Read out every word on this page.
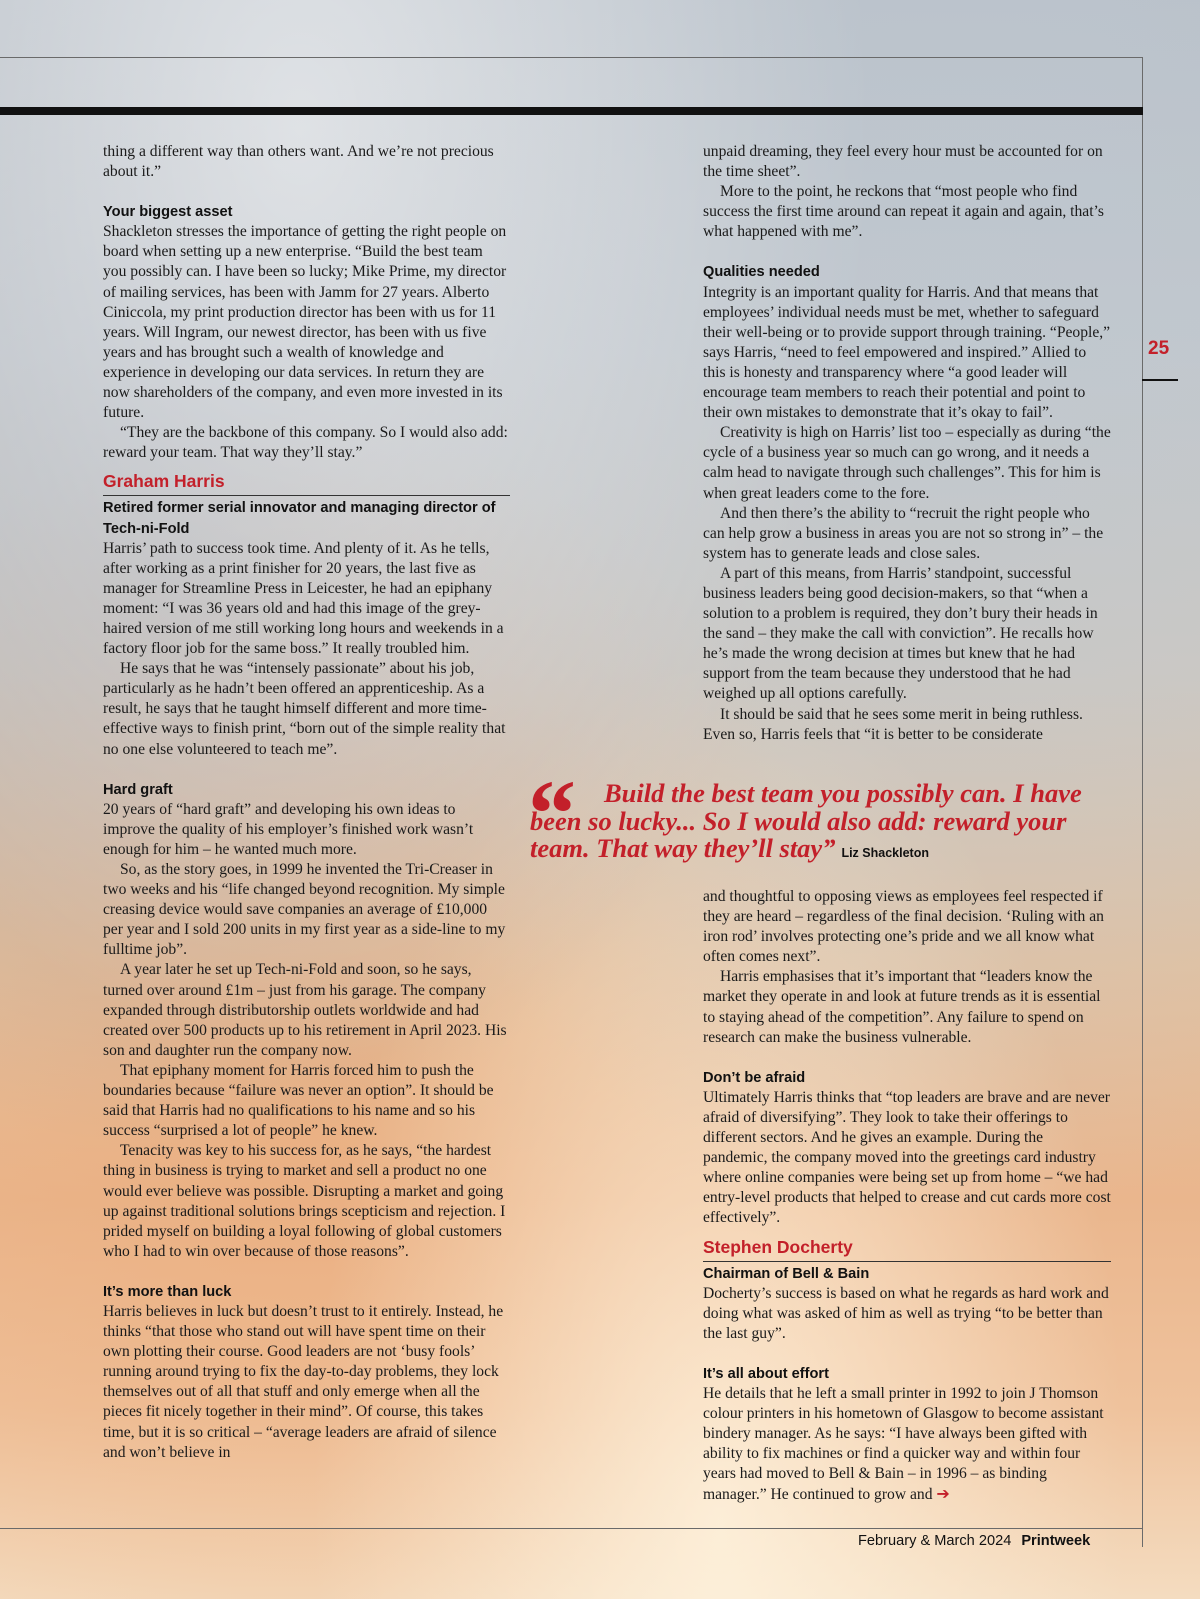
25

thing a different way than others want. And we’re not precious about it.”

Your biggest asset

Shackleton stresses the importance of getting the right people on board when setting up a new enterprise. “Build the best team you possibly can. I have been so lucky; Mike Prime, my director of mailing services, has been with Jamm for 27 years. Alberto Ciniccola, my print production director has been with us for 11 years. Will Ingram, our newest director, has been with us five years and has brought such a wealth of knowledge and experience in developing our data services. In return they are now shareholders of the company, and even more invested in its future.

“They are the backbone of this company. So I would also add: reward your team. That way they’ll stay.”

Graham Harris
Retired former serial innovator and managing director of Tech-ni-Fold

Harris’ path to success took time. And plenty of it. As he tells, after working as a print finisher for 20 years, the last five as manager for Streamline Press in Leicester, he had an epiphany moment: “I was 36 years old and had this image of the grey-haired version of me still working long hours and weekends in a factory floor job for the same boss.” It really troubled him.

He says that he was “intensely passionate” about his job, particularly as he hadn’t been offered an apprenticeship. As a result, he says that he taught himself different and more time-effective ways to finish print, “born out of the simple reality that no one else volunteered to teach me”.

Hard graft

20 years of “hard graft” and developing his own ideas to improve the quality of his employer’s finished work wasn’t enough for him – he wanted much more.

So, as the story goes, in 1999 he invented the Tri-Creaser in two weeks and his “life changed beyond recognition. My simple creasing device would save companies an average of £10,000 per year and I sold 200 units in my first year as a side-line to my fulltime job”.

A year later he set up Tech-ni-Fold and soon, so he says, turned over around £1m – just from his garage. The company expanded through distributorship outlets worldwide and had created over 500 products up to his retirement in April 2023. His son and daughter run the company now.

That epiphany moment for Harris forced him to push the boundaries because “failure was never an option”. It should be said that Harris had no qualifications to his name and so his success “surprised a lot of people” he knew.

Tenacity was key to his success for, as he says, “the hardest thing in business is trying to market and sell a product no one would ever believe was possible. Disrupting a market and going up against traditional solutions brings scepticism and rejection. I prided myself on building a loyal following of global customers who I had to win over because of those reasons”.

It’s more than luck

Harris believes in luck but doesn’t trust to it entirely. Instead, he thinks “that those who stand out will have spent time on their own plotting their course. Good leaders are not ‘busy fools’ running around trying to fix the day-to-day problems, they lock themselves out of all that stuff and only emerge when all the pieces fit nicely together in their mind”. Of course, this takes time, but it is so critical – “average leaders are afraid of silence and won’t believe in

unpaid dreaming, they feel every hour must be accounted for on the time sheet”.

More to the point, he reckons that “most people who find success the first time around can repeat it again and again, that’s what happened with me”.

Qualities needed

Integrity is an important quality for Harris. And that means that employees’ individual needs must be met, whether to safeguard their well-being or to provide support through training. “People,” says Harris, “need to feel empowered and inspired.” Allied to this is honesty and transparency where “a good leader will encourage team members to reach their potential and point to their own mistakes to demonstrate that it’s okay to fail”.

Creativity is high on Harris’ list too – especially as during “the cycle of a business year so much can go wrong, and it needs a calm head to navigate through such challenges”. This for him is when great leaders come to the fore.

And then there’s the ability to “recruit the right people who can help grow a business in areas you are not so strong in” – the system has to generate leads and close sales.

A part of this means, from Harris’ standpoint, successful business leaders being good decision-makers, so that “when a solution to a problem is required, they don’t bury their heads in the sand – they make the call with conviction”. He recalls how he’s made the wrong decision at times but knew that he had support from the team because they understood that he had weighed up all options carefully.

It should be said that he sees some merit in being ruthless. Even so, Harris feels that “it is better to be considerate

“	Build the best team you possibly can. I have been so lucky... So I would also add: reward your team. That way they’ll stay” Liz Shackleton

and thoughtful to opposing views as employees feel respected if they are heard – regardless of the final decision. ‘Ruling with an iron rod’ involves protecting one’s pride and we all know what often comes next”.

Harris emphasises that it’s important that “leaders know the market they operate in and look at future trends as it is essential to staying ahead of the competition”. Any failure to spend on research can make the business vulnerable.

Don’t be afraid

Ultimately Harris thinks that “top leaders are brave and are never afraid of diversifying”. They look to take their offerings to different sectors. And he gives an example. During the pandemic, the company moved into the greetings card industry where online companies were being set up from home – “we had entry-level products that helped to crease and cut cards more cost effectively”.

Stephen Docherty
Chairman of Bell & Bain

Docherty’s success is based on what he regards as hard work and doing what was asked of him as well as trying “to be better than the last guy”.

It’s all about effort

He details that he left a small printer in 1992 to join J Thomson colour printers in his hometown of Glasgow to become assistant bindery manager. As he says: “I have always been gifted with ability to fix machines or find a quicker way and within four years had moved to Bell & Bain – in 1996 – as binding manager.” He continued to grow and ➔

February & March 2024 Printweek
